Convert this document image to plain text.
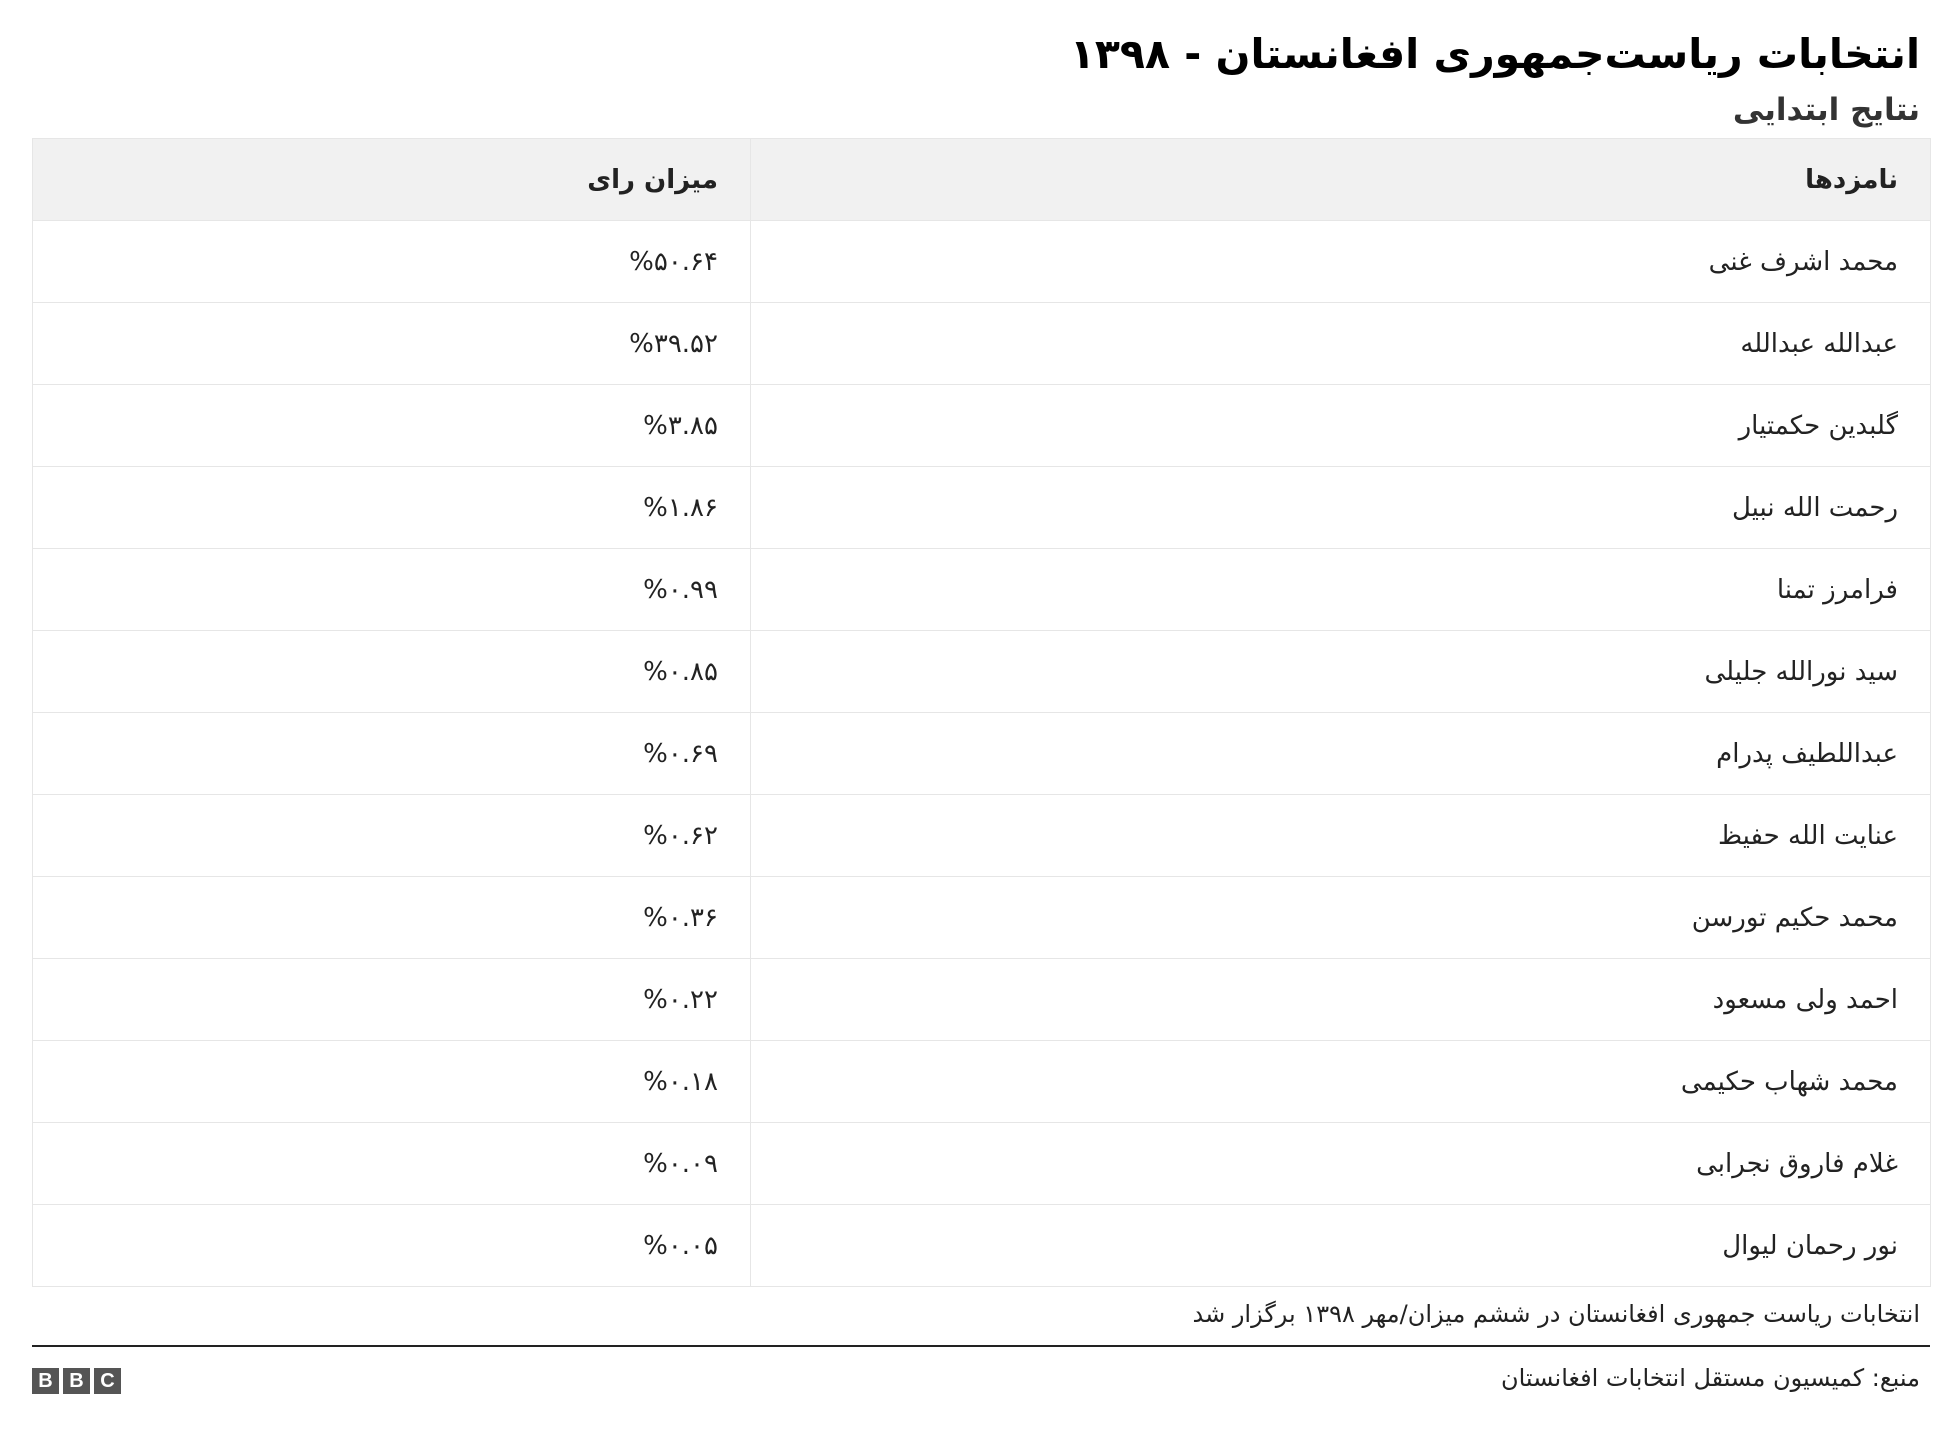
انتخابات ریاست‌جمهوری افغانستان - ۱۳۹۸
نتایج ابتدایی
نامزدها	میزان رای
محمد اشرف غنی	%۵۰.۶۴
عبدالله عبدالله	%۳۹.۵۲
گلبدین حکمتیار	%۳.۸۵
رحمت الله نبیل	%۱.۸۶
فرامرز تمنا	%۰.۹۹
سید نورالله جلیلی	%۰.۸۵
عبداللطیف پدرام	%۰.۶۹
عنایت الله حفیظ	%۰.۶۲
محمد حکیم تورسن	%۰.۳۶
احمد ولی مسعود	%۰.۲۲
محمد شهاب حکیمی	%۰.۱۸
غلام فاروق نجرابی	%۰.۰۹
نور رحمان لیوال	%۰.۰۵

انتخابات ریاست جمهوری افغانستان در ششم میزان/مهر ۱۳۹۸ برگزار شد

منبع: کمیسیون مستقل انتخابات افغانستان

B B C
